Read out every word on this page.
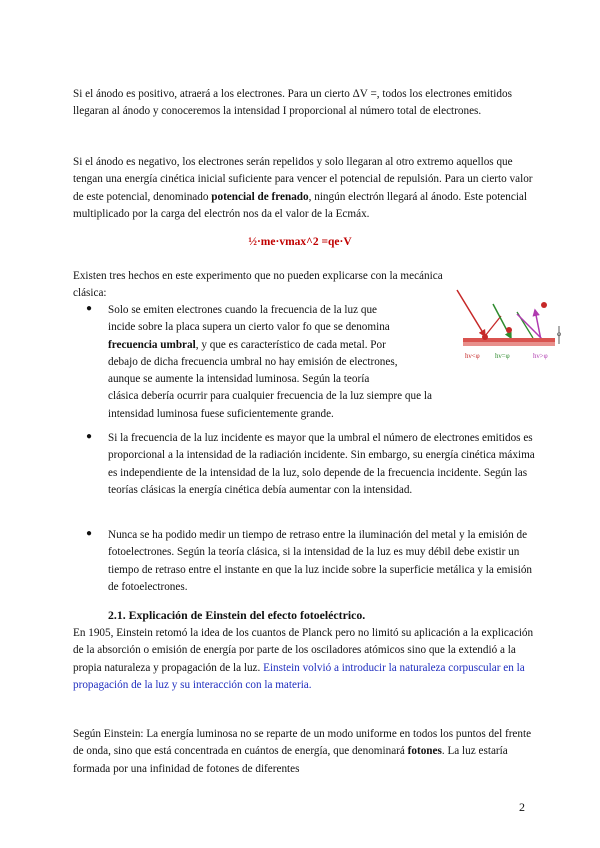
Si el ánodo es positivo, atraerá a los electrones. Para un cierto ΔV =, todos los electrones emitidos llegaran al ánodo y conoceremos la intensidad I proporcional al número total de electrones.

Si el ánodo es negativo, los electrones serán repelidos y solo llegaran al otro extremo aquellos que tengan una energía cinética inicial suficiente para vencer el potencial de repulsión. Para un cierto valor de este potencial, denominado potencial de frenado, ningún electrón llegará al ánodo. Este potencial multiplicado por la carga del electrón nos da el valor de la Ecmáx.

½·me·vmax^2 =qe·V

Existen tres hechos en este experimento que no pueden explicarse con la mecánica clásica:

● Solo se emiten electrones cuando la frecuencia de la luz que
incide sobre la placa supera un cierto valor fo que se denomina
frecuencia umbral, y que es característico de cada metal. Por
debajo de dicha frecuencia umbral no hay emisión de electrones,
aunque se aumente la intensidad luminosa. Según la teoría
clásica debería ocurrir para cualquier frecuencia de la luz siempre que la
intensidad luminosa fuese suficientemente grande.
hν<φ hν=φ	hν>φ
φ
● Si la frecuencia de la luz incidente es mayor que la umbral el número de electrones emitidos es proporcional a la intensidad de la radiación incidente. Sin embargo, su energía cinética máxima es independiente de la intensidad de la luz, solo depende de la frecuencia incidente. Según las teorías clásicas la energía cinética debía aumentar con la intensidad.

● Nunca se ha podido medir un tiempo de retraso entre la iluminación del metal y la emisión de fotoelectrones. Según la teoría clásica, si la intensidad de la luz es muy débil debe existir un tiempo de retraso entre el instante en que la luz incide sobre la superficie metálica y la emisión de fotoelectrones.

2.1. Explicación de Einstein del efecto fotoeléctrico.

En 1905, Einstein retomó la idea de los cuantos de Planck pero no limitó su aplicación a la explicación de la absorción o emisión de energía por parte de los osciladores atómicos sino que la extendió a la propia naturaleza y propagación de la luz. Einstein volvió a introducir la naturaleza corpuscular en la propagación de la luz y su interacción con la materia.

Según Einstein: La energía luminosa no se reparte de un modo uniforme en todos los puntos del frente de onda, sino que está concentrada en cuántos de energía, que denominará fotones. La luz estaría formada por una infinidad de fotones de diferentes

2
